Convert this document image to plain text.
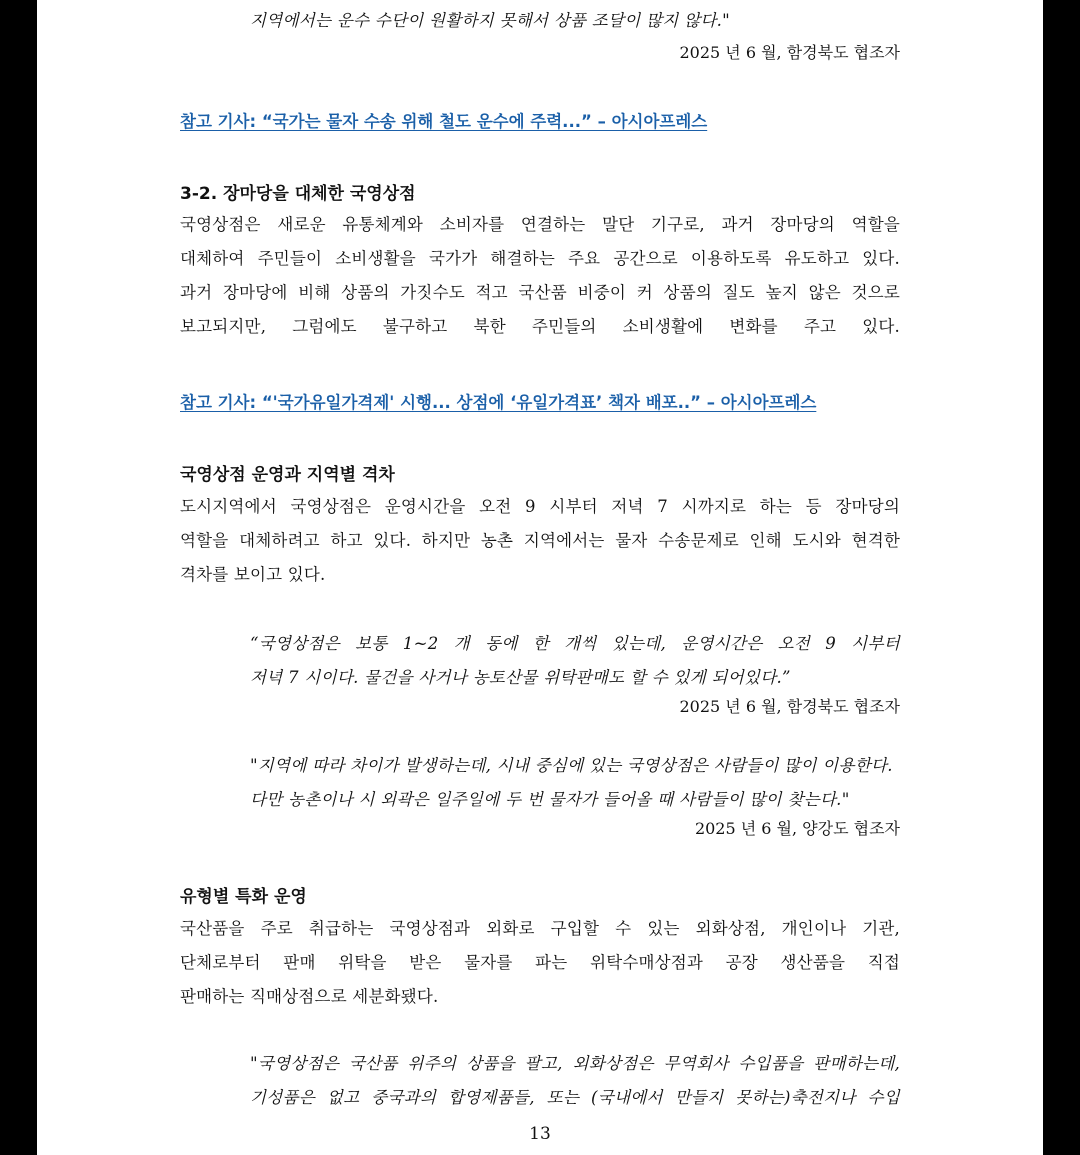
지역에서는 운수 수단이 원활하지 못해서 상품 조달이 많지 않다."
2025 년 6 월, 함경북도 협조자
참고 기사: “국가는 물자 수송 위해 철도 운수에 주력...” – 아시아프레스
3-2. 장마당을 대체한 국영상점
국영상점은 새로운 유통체계와 소비자를 연결하는 말단 기구로, 과거 장마당의 역할을
대체하여 주민들이 소비생활을 국가가 해결하는 주요 공간으로 이용하도록 유도하고 있다.
과거 장마당에 비해 상품의 가짓수도 적고 국산품 비중이 커 상품의 질도 높지 않은 것으로
보고되지만, 그럼에도 불구하고 북한 주민들의 소비생활에 변화를 주고 있다.
참고 기사: “'국가유일가격제' 시행... 상점에 ‘유일가격표’ 책자 배포..” – 아시아프레스
국영상점 운영과 지역별 격차
도시지역에서 국영상점은 운영시간을 오전 9 시부터 저녁 7 시까지로 하는 등 장마당의
역할을 대체하려고 하고 있다. 하지만 농촌 지역에서는 물자 수송문제로 인해 도시와 현격한
격차를 보이고 있다.
“국영상점은 보통 1~2 개 동에 한 개씩 있는데, 운영시간은 오전 9 시부터
저녁 7 시이다. 물건을 사거나 농토산물 위탁판매도 할 수 있게 되어있다.”
2025 년 6 월, 함경북도 협조자
"지역에 따라 차이가 발생하는데, 시내 중심에 있는 국영상점은 사람들이 많이 이용한다.
다만 농촌이나 시 외곽은 일주일에 두 번 물자가 들어올 때 사람들이 많이 찾는다."
2025 년 6 월, 양강도 협조자
유형별 특화 운영
국산품을 주로 취급하는 국영상점과 외화로 구입할 수 있는 외화상점, 개인이나 기관,
단체로부터 판매 위탁을 받은 물자를 파는 위탁수매상점과 공장 생산품을 직접
판매하는 직매상점으로 세분화됐다.
"국영상점은 국산품 위주의 상품을 팔고, 외화상점은 무역회사 수입품을 판매하는데,
기성품은 없고 중국과의 합영제품들, 또는 (국내에서 만들지 못하는)축전지나 수입
13
